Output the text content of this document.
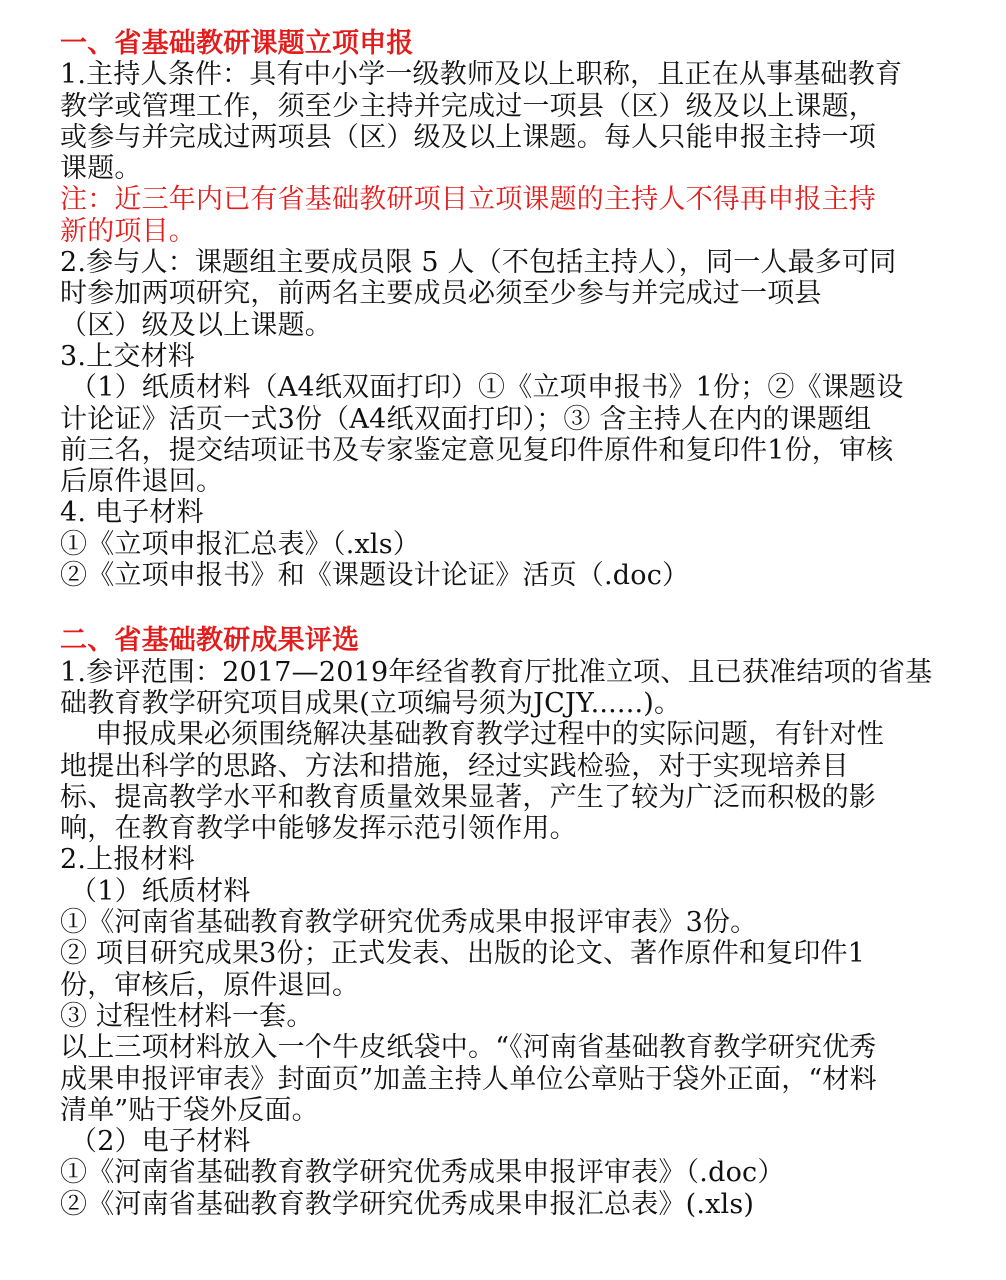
一、省基础教研课题立项申报
1.主持人条件：具有中小学一级教师及以上职称，且正在从事基础教育
教学或管理工作，须至少主持并完成过一项县（区）级及以上课题，
或参与并完成过两项县（区）级及以上课题。每人只能申报主持一项
课题。
注：近三年内已有省基础教研项目立项课题的主持人不得再申报主持
新的项目。
2.参与人：课题组主要成员限 5 人（不包括主持人），同一人最多可同
时参加两项研究，前两名主要成员必须至少参与并完成过一项县
（区）级及以上课题。
3.上交材料
（1）纸质材料（A4纸双面打印）①《立项申报书》1份；②《课题设
计论证》活页一式3份（A4纸双面打印）；③ 含主持人在内的课题组
前三名，提交结项证书及专家鉴定意见复印件原件和复印件1份，审核
后原件退回。
4. 电子材料
①《立项申报汇总表》（.xls）
②《立项申报书》和《课题设计论证》活页（.doc）
二、省基础教研成果评选
1.参评范围：2017—2019年经省教育厅批准立项、且已获准结项的省基
础教育教学研究项目成果(立项编号须为JCJY......)。
申报成果必须围绕解决基础教育教学过程中的实际问题，有针对性
地提出科学的思路、方法和措施，经过实践检验，对于实现培养目
标、提高教学水平和教育质量效果显著，产生了较为广泛而积极的影
响，在教育教学中能够发挥示范引领作用。
2.上报材料
（1）纸质材料
①《河南省基础教育教学研究优秀成果申报评审表》3份。
② 项目研究成果3份；正式发表、出版的论文、著作原件和复印件1
份，审核后，原件退回。
③ 过程性材料一套。
以上三项材料放入一个牛皮纸袋中。“《河南省基础教育教学研究优秀
成果申报评审表》封面页”加盖主持人单位公章贴于袋外正面，“材料
清单”贴于袋外反面。
（2）电子材料
①《河南省基础教育教学研究优秀成果申报评审表》（.doc）
②《河南省基础教育教学研究优秀成果申报汇总表》(.xls)
